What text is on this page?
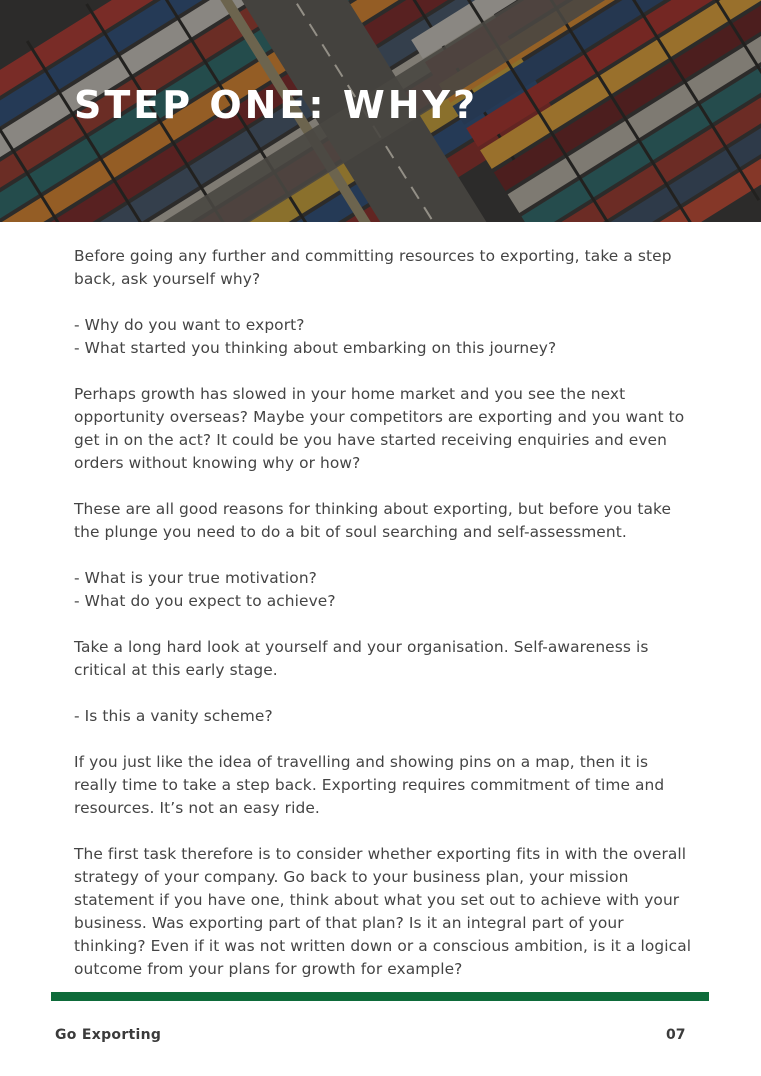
STEP ONE: WHY?

Before going any further and committing resources to exporting, take a step back, ask yourself why?

- Why do you want to export?
- What started you thinking about embarking on this journey?

Perhaps growth has slowed in your home market and you see the next opportunity overseas? Maybe your competitors are exporting and you want to get in on the act? It could be you have started receiving enquiries and even orders without knowing why or how?

These are all good reasons for thinking about exporting, but before you take the plunge you need to do a bit of soul searching and self-assessment.

- What is your true motivation?
- What do you expect to achieve?

Take a long hard look at yourself and your organisation. Self-awareness is critical at this early stage.

- Is this a vanity scheme?

If you just like the idea of travelling and showing pins on a map, then it is really time to take a step back. Exporting requires commitment of time and resources. It’s not an easy ride.

The first task therefore is to consider whether exporting fits in with the overall strategy of your company. Go back to your business plan, your mission statement if you have one, think about what you set out to achieve with your business. Was exporting part of that plan? Is it an integral part of your thinking? Even if it was not written down or a conscious ambition, is it a logical outcome from your plans for growth for example?

Go Exporting	07
